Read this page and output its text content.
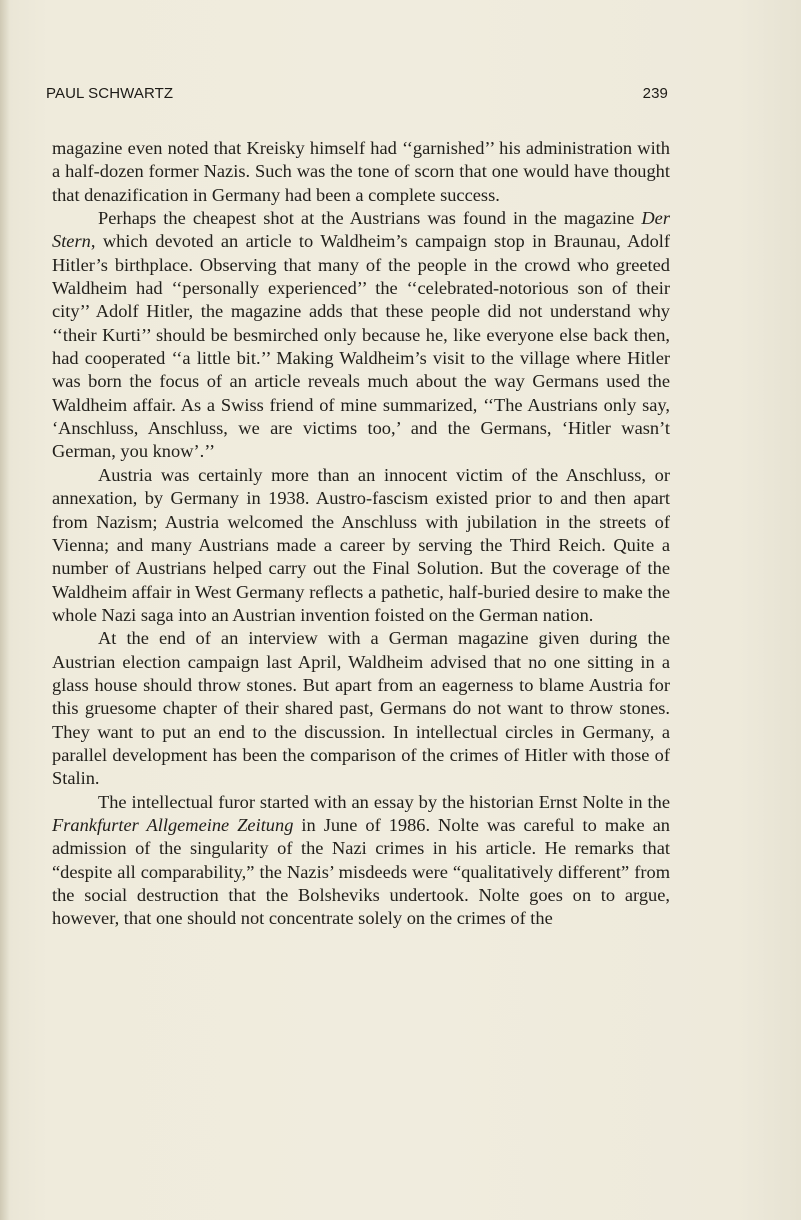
PAUL SCHWARTZ	239

magazine even noted that Kreisky himself had ‘‘garnished’’ his administration with a half-dozen former Nazis. Such was the tone of scorn that one would have thought that denazification in Germany had been a complete success.

Perhaps the cheapest shot at the Austrians was found in the magazine Der Stern, which devoted an article to Waldheim’s campaign stop in Braunau, Adolf Hitler’s birthplace. Observing that many of the people in the crowd who greeted Waldheim had ‘‘personally experienced’’ the ‘‘celebrated-notorious son of their city’’ Adolf Hitler, the magazine adds that these people did not understand why ‘‘their Kurti’’ should be besmirched only because he, like everyone else back then, had cooperated ‘‘a little bit.’’ Making Waldheim’s visit to the village where Hitler was born the focus of an article reveals much about the way Germans used the Waldheim affair. As a Swiss friend of mine summarized, ‘‘The Austrians only say, ‘Anschluss, Anschluss, we are victims too,’ and the Germans, ‘Hitler wasn’t German, you know’.’’

Austria was certainly more than an innocent victim of the Anschluss, or annexation, by Germany in 1938. Austro-fascism existed prior to and then apart from Nazism; Austria welcomed the Anschluss with jubilation in the streets of Vienna; and many Austrians made a career by serving the Third Reich. Quite a number of Austrians helped carry out the Final Solution. But the coverage of the Waldheim affair in West Germany reflects a pathetic, half-buried desire to make the whole Nazi saga into an Austrian invention foisted on the German nation.

At the end of an interview with a German magazine given during the Austrian election campaign last April, Waldheim advised that no one sitting in a glass house should throw stones. But apart from an eagerness to blame Austria for this gruesome chapter of their shared past, Germans do not want to throw stones. They want to put an end to the discussion. In intellectual circles in Germany, a parallel development has been the comparison of the crimes of Hitler with those of Stalin.

The intellectual furor started with an essay by the historian Ernst Nolte in the Frankfurter Allgemeine Zeitung in June of 1986. Nolte was careful to make an admission of the singularity of the Nazi crimes in his article. He remarks that “despite all comparability,” the Nazis’ misdeeds were “qualitatively different” from the social destruction that the Bolsheviks undertook. Nolte goes on to argue, however, that one should not concentrate solely on the crimes of the
